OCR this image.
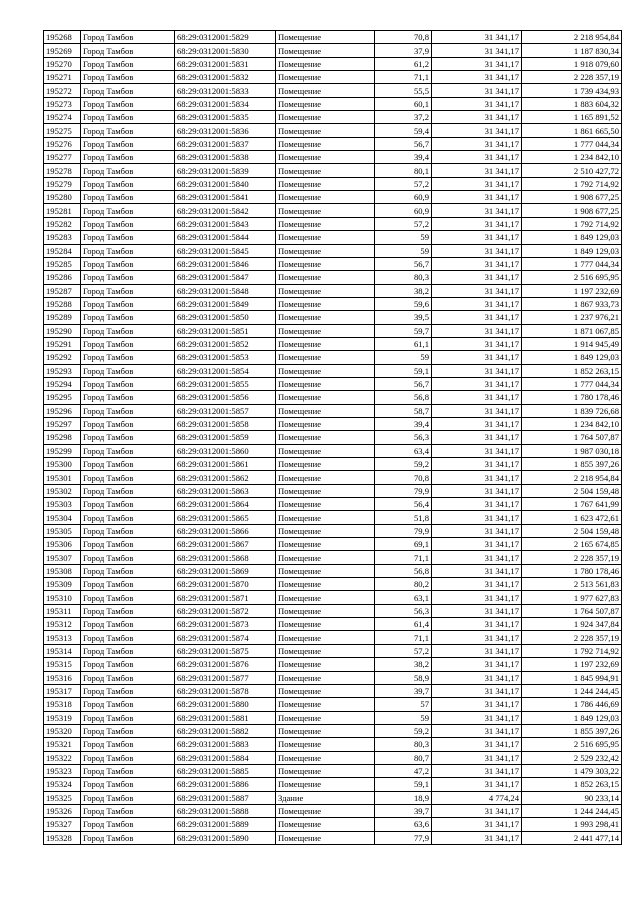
195268	Город Тамбов	68:29:0312001:5829	Помещение	70,8	31 341,17	2 218 954,84
195269	Город Тамбов	68:29:0312001:5830	Помещение	37,9	31 341,17	1 187 830,34
195270	Город Тамбов	68:29:0312001:5831	Помещение	61,2	31 341,17	1 918 079,60
195271	Город Тамбов	68:29:0312001:5832	Помещение	71,1	31 341,17	2 228 357,19
195272	Город Тамбов	68:29:0312001:5833	Помещение	55,5	31 341,17	1 739 434,93
195273	Город Тамбов	68:29:0312001:5834	Помещение	60,1	31 341,17	1 883 604,32
195274	Город Тамбов	68:29:0312001:5835	Помещение	37,2	31 341,17	1 165 891,52
195275	Город Тамбов	68:29:0312001:5836	Помещение	59,4	31 341,17	1 861 665,50
195276	Город Тамбов	68:29:0312001:5837	Помещение	56,7	31 341,17	1 777 044,34
195277	Город Тамбов	68:29:0312001:5838	Помещение	39,4	31 341,17	1 234 842,10
195278	Город Тамбов	68:29:0312001:5839	Помещение	80,1	31 341,17	2 510 427,72
195279	Город Тамбов	68:29:0312001:5840	Помещение	57,2	31 341,17	1 792 714,92
195280	Город Тамбов	68:29:0312001:5841	Помещение	60,9	31 341,17	1 908 677,25
195281	Город Тамбов	68:29:0312001:5842	Помещение	60,9	31 341,17	1 908 677,25
195282	Город Тамбов	68:29:0312001:5843	Помещение	57,2	31 341,17	1 792 714,92
195283	Город Тамбов	68:29:0312001:5844	Помещение	59	31 341,17	1 849 129,03
195284	Город Тамбов	68:29:0312001:5845	Помещение	59	31 341,17	1 849 129,03
195285	Город Тамбов	68:29:0312001:5846	Помещение	56,7	31 341,17	1 777 044,34
195286	Город Тамбов	68:29:0312001:5847	Помещение	80,3	31 341,17	2 516 695,95
195287	Город Тамбов	68:29:0312001:5848	Помещение	38,2	31 341,17	1 197 232,69
195288	Город Тамбов	68:29:0312001:5849	Помещение	59,6	31 341,17	1 867 933,73
195289	Город Тамбов	68:29:0312001:5850	Помещение	39,5	31 341,17	1 237 976,21
195290	Город Тамбов	68:29:0312001:5851	Помещение	59,7	31 341,17	1 871 067,85
195291	Город Тамбов	68:29:0312001:5852	Помещение	61,1	31 341,17	1 914 945,49
195292	Город Тамбов	68:29:0312001:5853	Помещение	59	31 341,17	1 849 129,03
195293	Город Тамбов	68:29:0312001:5854	Помещение	59,1	31 341,17	1 852 263,15
195294	Город Тамбов	68:29:0312001:5855	Помещение	56,7	31 341,17	1 777 044,34
195295	Город Тамбов	68:29:0312001:5856	Помещение	56,8	31 341,17	1 780 178,46
195296	Город Тамбов	68:29:0312001:5857	Помещение	58,7	31 341,17	1 839 726,68
195297	Город Тамбов	68:29:0312001:5858	Помещение	39,4	31 341,17	1 234 842,10
195298	Город Тамбов	68:29:0312001:5859	Помещение	56,3	31 341,17	1 764 507,87
195299	Город Тамбов	68:29:0312001:5860	Помещение	63,4	31 341,17	1 987 030,18
195300	Город Тамбов	68:29:0312001:5861	Помещение	59,2	31 341,17	1 855 397,26
195301	Город Тамбов	68:29:0312001:5862	Помещение	70,8	31 341,17	2 218 954,84
195302	Город Тамбов	68:29:0312001:5863	Помещение	79,9	31 341,17	2 504 159,48
195303	Город Тамбов	68:29:0312001:5864	Помещение	56,4	31 341,17	1 767 641,99
195304	Город Тамбов	68:29:0312001:5865	Помещение	51,8	31 341,17	1 623 472,61
195305	Город Тамбов	68:29:0312001:5866	Помещение	79,9	31 341,17	2 504 159,48
195306	Город Тамбов	68:29:0312001:5867	Помещение	69,1	31 341,17	2 165 674,85
195307	Город Тамбов	68:29:0312001:5868	Помещение	71,1	31 341,17	2 228 357,19
195308	Город Тамбов	68:29:0312001:5869	Помещение	56,8	31 341,17	1 780 178,46
195309	Город Тамбов	68:29:0312001:5870	Помещение	80,2	31 341,17	2 513 561,83
195310	Город Тамбов	68:29:0312001:5871	Помещение	63,1	31 341,17	1 977 627,83
195311	Город Тамбов	68:29:0312001:5872	Помещение	56,3	31 341,17	1 764 507,87
195312	Город Тамбов	68:29:0312001:5873	Помещение	61,4	31 341,17	1 924 347,84
195313	Город Тамбов	68:29:0312001:5874	Помещение	71,1	31 341,17	2 228 357,19
195314	Город Тамбов	68:29:0312001:5875	Помещение	57,2	31 341,17	1 792 714,92
195315	Город Тамбов	68:29:0312001:5876	Помещение	38,2	31 341,17	1 197 232,69
195316	Город Тамбов	68:29:0312001:5877	Помещение	58,9	31 341,17	1 845 994,91
195317	Город Тамбов	68:29:0312001:5878	Помещение	39,7	31 341,17	1 244 244,45
195318	Город Тамбов	68:29:0312001:5880	Помещение	57	31 341,17	1 786 446,69
195319	Город Тамбов	68:29:0312001:5881	Помещение	59	31 341,17	1 849 129,03
195320	Город Тамбов	68:29:0312001:5882	Помещение	59,2	31 341,17	1 855 397,26
195321	Город Тамбов	68:29:0312001:5883	Помещение	80,3	31 341,17	2 516 695,95
195322	Город Тамбов	68:29:0312001:5884	Помещение	80,7	31 341,17	2 529 232,42
195323	Город Тамбов	68:29:0312001:5885	Помещение	47,2	31 341,17	1 479 303,22
195324	Город Тамбов	68:29:0312001:5886	Помещение	59,1	31 341,17	1 852 263,15
195325	Город Тамбов	68:29:0312001:5887	Здание	18,9	4 774,24	90 233,14
195326	Город Тамбов	68:29:0312001:5888	Помещение	39,7	31 341,17	1 244 244,45
195327	Город Тамбов	68:29:0312001:5889	Помещение	63,6	31 341,17	1 993 298,41
195328	Город Тамбов	68:29:0312001:5890	Помещение	77,9	31 341,17	2 441 477,14
